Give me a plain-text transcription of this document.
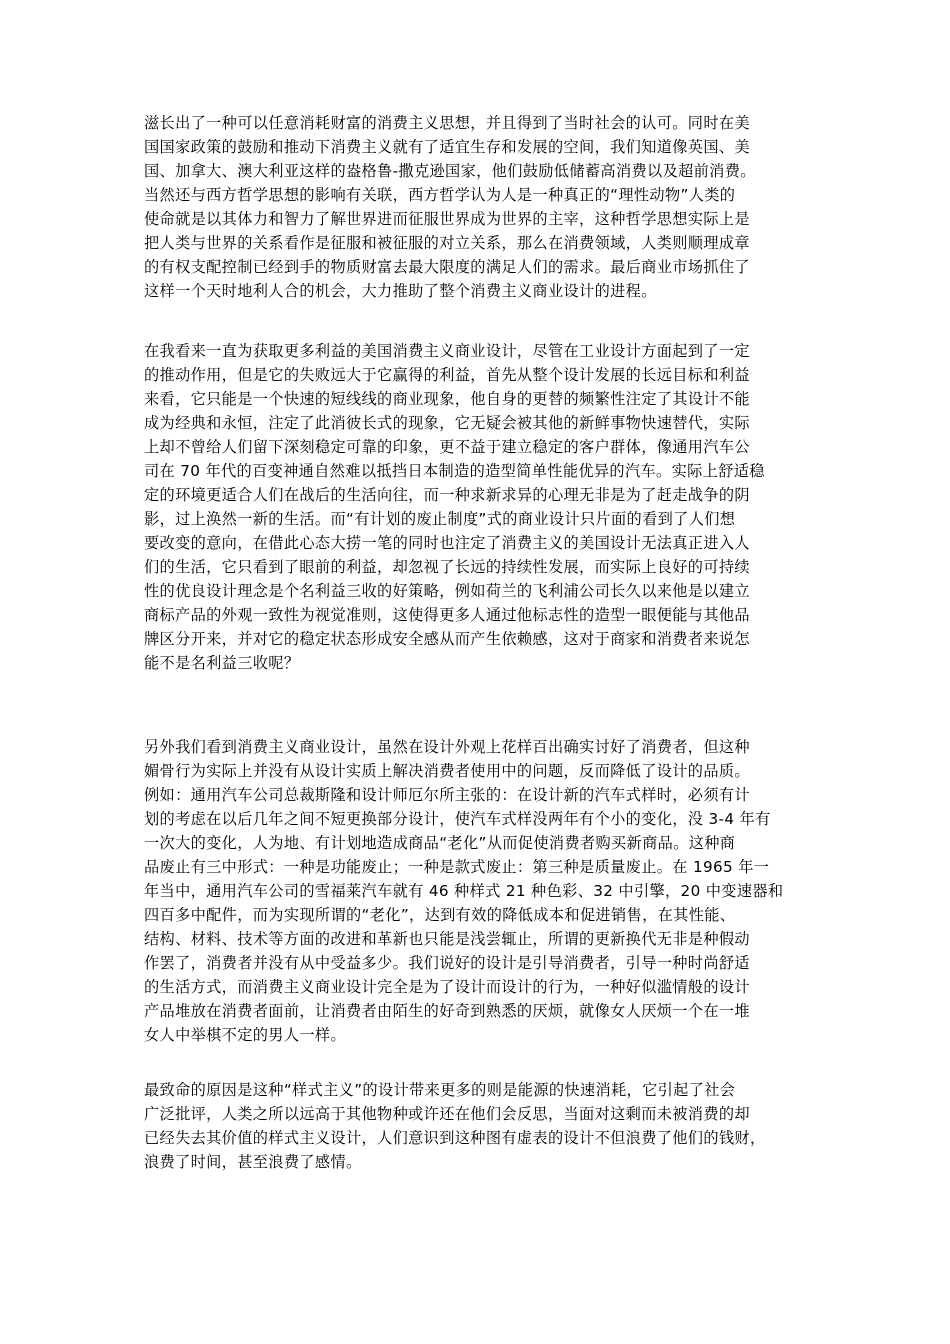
滋长出了一种可以任意消耗财富的消费主义思想，并且得到了当时社会的认可。同时在美
国国家政策的鼓励和推动下消费主义就有了适宜生存和发展的空间，我们知道像英国、美
国、加拿大、澳大利亚这样的盎格鲁-撒克逊国家，他们鼓励低储蓄高消费以及超前消费。
当然还与西方哲学思想的影响有关联，西方哲学认为人是一种真正的“理性动物”人类的
使命就是以其体力和智力了解世界进而征服世界成为世界的主宰，这种哲学思想实际上是
把人类与世界的关系看作是征服和被征服的对立关系，那么在消费领域，人类则顺理成章
的有权支配控制已经到手的物质财富去最大限度的满足人们的需求。最后商业市场抓住了
这样一个天时地利人合的机会，大力推助了整个消费主义商业设计的进程。
在我看来一直为获取更多利益的美国消费主义商业设计，尽管在工业设计方面起到了一定
的推动作用，但是它的失败远大于它赢得的利益，首先从整个设计发展的长远目标和利益
来看，它只能是一个快速的短线线的商业现象，他自身的更替的频繁性注定了其设计不能
成为经典和永恒，注定了此消彼长式的现象，它无疑会被其他的新鲜事物快速替代，实际
上却不曾给人们留下深刻稳定可靠的印象，更不益于建立稳定的客户群体，像通用汽车公
司在 70 年代的百变神通自然难以抵挡日本制造的造型简单性能优异的汽车。实际上舒适稳
定的环境更适合人们在战后的生活向往，而一种求新求异的心理无非是为了赶走战争的阴
影，过上涣然一新的生活。而“有计划的废止制度”式的商业设计只片面的看到了人们想
要改变的意向，在借此心态大捞一笔的同时也注定了消费主义的美国设计无法真正进入人
们的生活，它只看到了眼前的利益，却忽视了长远的持续性发展，而实际上良好的可持续
性的优良设计理念是个名利益三收的好策略，例如荷兰的飞利浦公司长久以来他是以建立
商标产品的外观一致性为视觉准则，这使得更多人通过他标志性的造型一眼便能与其他品
牌区分开来，并对它的稳定状态形成安全感从而产生依赖感，这对于商家和消费者来说怎
能不是名利益三收呢？
另外我们看到消费主义商业设计，虽然在设计外观上花样百出确实讨好了消费者，但这种
媚骨行为实际上并没有从设计实质上解决消费者使用中的问题，反而降低了设计的品质。
例如：通用汽车公司总裁斯隆和设计师厄尔所主张的：在设计新的汽车式样时，必须有计
划的考虑在以后几年之间不短更换部分设计，使汽车式样没两年有个小的变化，没 3-4 年有
一次大的变化，人为地、有计划地造成商品“老化”从而促使消费者购买新商品。这种商
品废止有三中形式：一种是功能废止；一种是款式废止：第三种是质量废止。在 1965 年一
年当中，通用汽车公司的雪福莱汽车就有 46 种样式 21 种色彩、32 中引擎，20 中变速器和
四百多中配件，而为实现所谓的“老化”，达到有效的降低成本和促进销售，在其性能、
结构、材料、技术等方面的改进和革新也只能是浅尝辄止，所谓的更新换代无非是种假动
作罢了，消费者并没有从中受益多少。我们说好的设计是引导消费者，引导一种时尚舒适
的生活方式，而消费主义商业设计完全是为了设计而设计的行为，一种好似滥情般的设计
产品堆放在消费者面前，让消费者由陌生的好奇到熟悉的厌烦，就像女人厌烦一个在一堆
女人中举棋不定的男人一样。
最致命的原因是这种“样式主义”的设计带来更多的则是能源的快速消耗，它引起了社会
广泛批评，人类之所以远高于其他物种或许还在他们会反思，当面对这剩而未被消费的却
已经失去其价值的样式主义设计，人们意识到这种图有虚表的设计不但浪费了他们的钱财，
浪费了时间，甚至浪费了感情。
